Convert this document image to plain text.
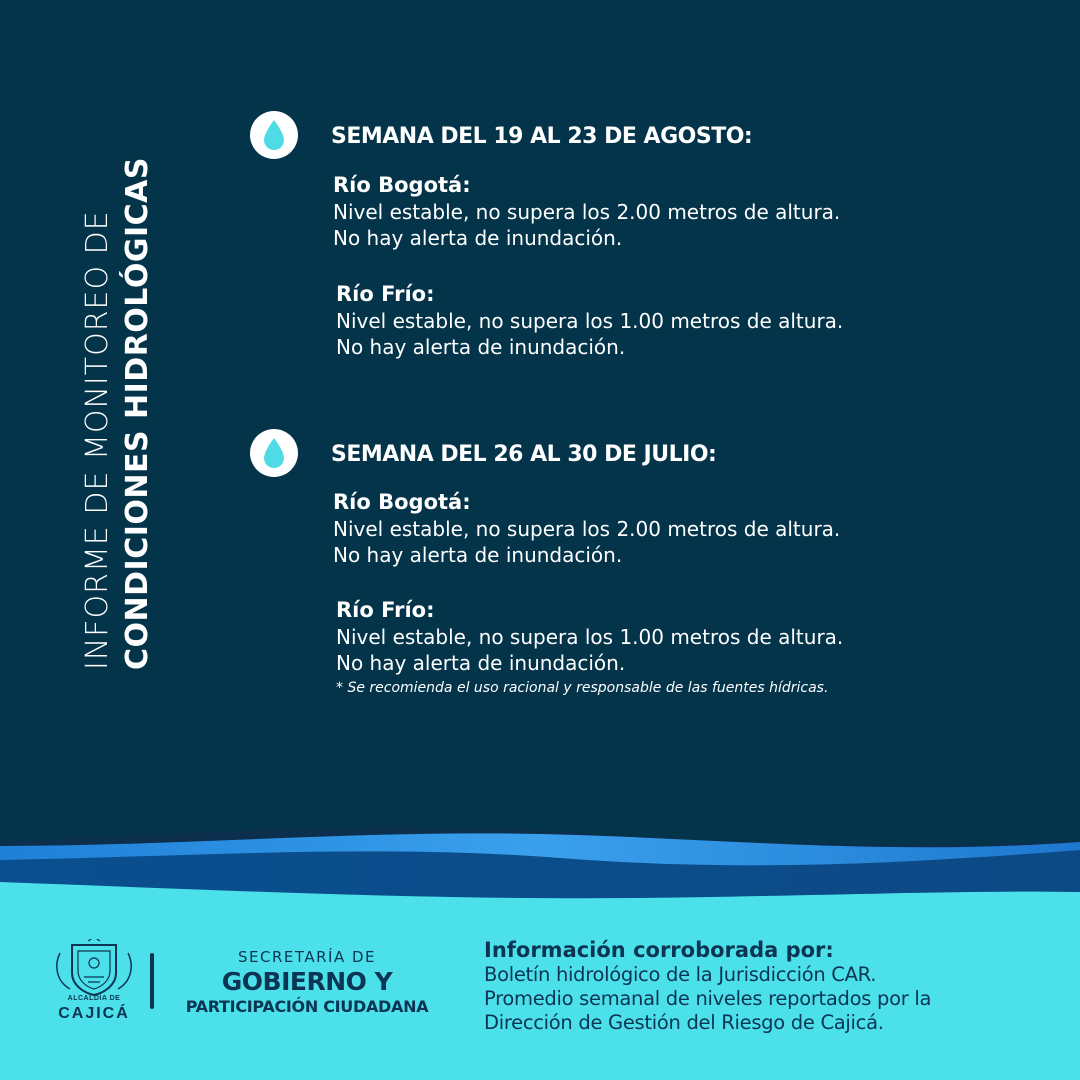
INFORME DE MONITOREO DE CONDICIONES HIDROLÓGICAS
SEMANA DEL 19 AL 23 DE AGOSTO:
Río Bogotá:
Nivel estable, no supera los 2.00 metros de altura.
No hay alerta de inundación.
Río Frío:
Nivel estable, no supera los 1.00 metros de altura.
No hay alerta de inundación.
SEMANA DEL 26 AL 30 DE JULIO:
Río Bogotá:
Nivel estable, no supera los 2.00 metros de altura.
No hay alerta de inundación.
Río Frío:
Nivel estable, no supera los 1.00 metros de altura.
No hay alerta de inundación.
* Se recomienda el uso racional y responsable de las fuentes hídricas.
ALCALDÍA DE
CAJICÁ
SECRETARÍA DE
GOBIERNO Y
PARTICIPACIÓN CIUDADANA
Información corroborada por:
Boletín hidrológico de la Jurisdicción CAR.
Promedio semanal de niveles reportados por la
Dirección de Gestión del Riesgo de Cajicá.
